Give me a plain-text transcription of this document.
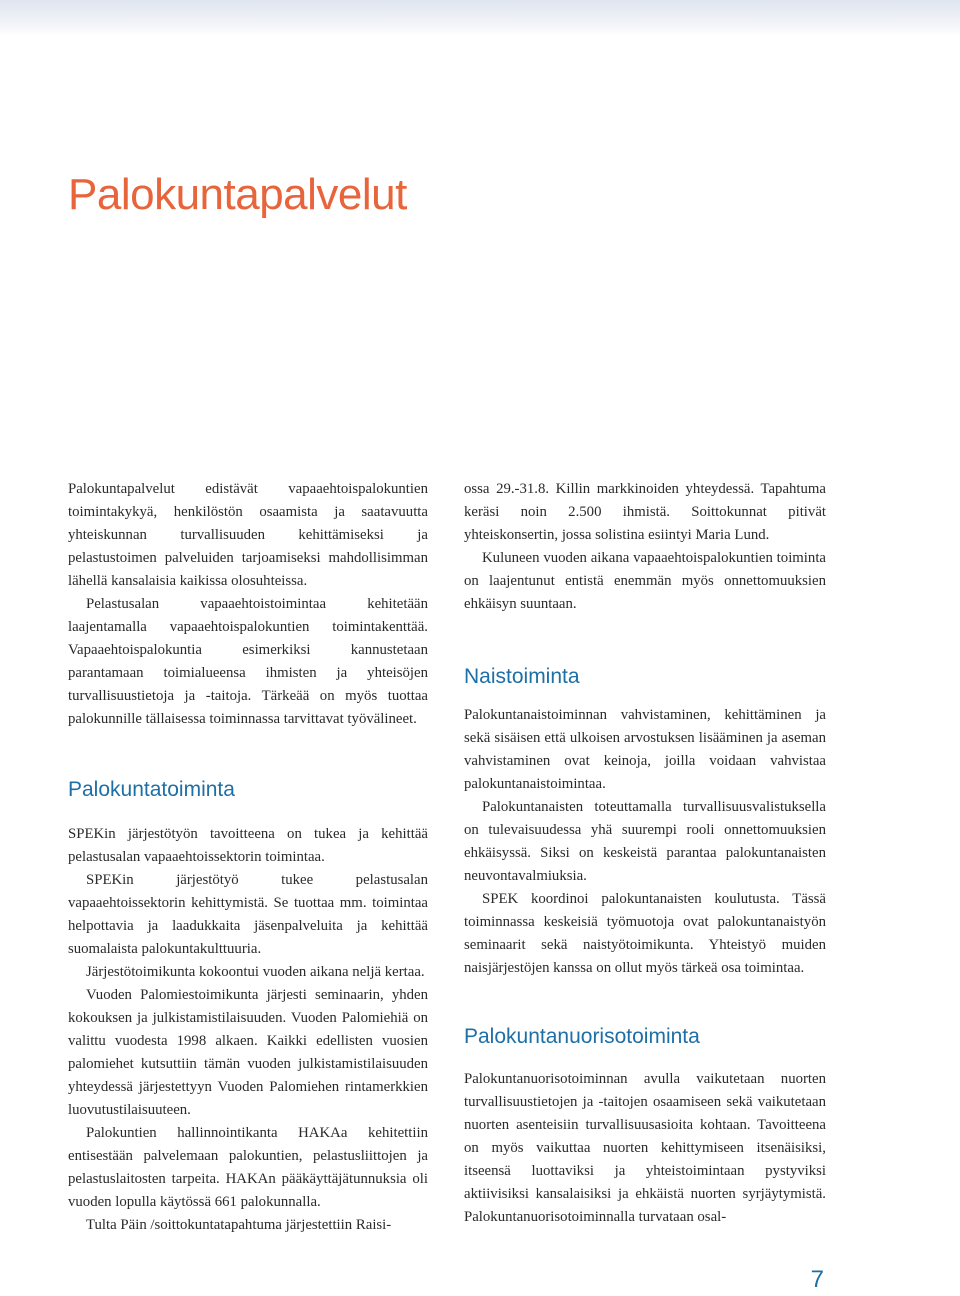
Palokuntapalvelut

Palokuntapalvelut edistävät vapaaehtoispalokuntien toimintakykyä, henkilöstön osaamista ja saatavuutta yhteiskunnan turvallisuuden kehittämiseksi ja pelastustoimen palveluiden tarjoamiseksi mahdollisimman lähellä kansalaisia kaikissa olosuhteissa.

Pelastusalan vapaaehtoistoimintaa kehitetään laajentamalla vapaaehtoispalokuntien toimintakenttää. Vapaaehtoispalokuntia esimerkiksi kannustetaan parantamaan toimialueensa ihmisten ja yhteisöjen turvallisuustietoja ja -taitoja. Tärkeää on myös tuottaa palokunnille tällaisessa toiminnassa tarvittavat työvälineet.

Palokuntatoiminta

SPEKin järjestötyön tavoitteena on tukea ja kehittää pelastusalan vapaaehtoissektorin toimintaa.

SPEKin järjestötyö tukee pelastusalan vapaaehtoissektorin kehittymistä. Se tuottaa mm. toimintaa helpottavia ja laadukkaita jäsenpalveluita ja kehittää suomalaista palokuntakulttuuria.

Järjestötoimikunta kokoontui vuoden aikana neljä kertaa.

Vuoden Palomiestoimikunta järjesti seminaarin, yhden kokouksen ja julkistamistilaisuuden. Vuoden Palomiehiä on valittu vuodesta 1998 alkaen. Kaikki edellisten vuosien palomiehet kutsuttiin tämän vuoden julkistamistilaisuuden yhteydessä järjestettyyn Vuoden Palomiehen rintamerkkien luovutustilaisuuteen.

Palokuntien hallinnointikanta HAKAa kehitettiin entisestään palvelemaan palokuntien, pelastusliittojen ja pelastuslaitosten tarpeita. HAKAn pääkäyttäjätunnuksia oli vuoden lopulla käytössä 661 palokunnalla.

Tulta Päin /soittokuntatapahtuma järjestettiin Raisi-

ossa 29.-31.8. Killin markkinoiden yhteydessä. Tapahtuma keräsi noin 2.500 ihmistä. Soittokunnat pitivät yhteiskonsertin, jossa solistina esiintyi Maria Lund.

Kuluneen vuoden aikana vapaaehtoispalokuntien toiminta on laajentunut entistä enemmän myös onnettomuuksien ehkäisyn suuntaan.

Naistoiminta

Palokuntanaistoiminnan vahvistaminen, kehittäminen ja sekä sisäisen että ulkoisen arvostuksen lisääminen ja aseman vahvistaminen ovat keinoja, joilla voidaan vahvistaa palokuntanaistoimintaa.

Palokuntanaisten toteuttamalla turvallisuusvalistuksella on tulevaisuudessa yhä suurempi rooli onnettomuuksien ehkäisyssä. Siksi on keskeistä parantaa palokuntanaisten neuvontavalmiuksia.

SPEK koordinoi palokuntanaisten koulutusta. Tässä toiminnassa keskeisiä työmuotoja ovat palokuntanaistyön seminaarit sekä naistyötoimikunta. Yhteistyö muiden naisjärjestöjen kanssa on ollut myös tärkeä osa toimintaa.

Palokuntanuorisotoiminta

Palokuntanuorisotoiminnan avulla vaikutetaan nuorten turvallisuustietojen ja -taitojen osaamiseen sekä vaikutetaan nuorten asenteisiin turvallisuusasioita kohtaan. Tavoitteena on myös vaikuttaa nuorten kehittymiseen itsenäisiksi, itseensä luottaviksi ja yhteistoimintaan pystyviksi aktiivisiksi kansalaisiksi ja ehkäistä nuorten syrjäytymistä. Palokuntanuorisotoiminnalla turvataan osal-

7
